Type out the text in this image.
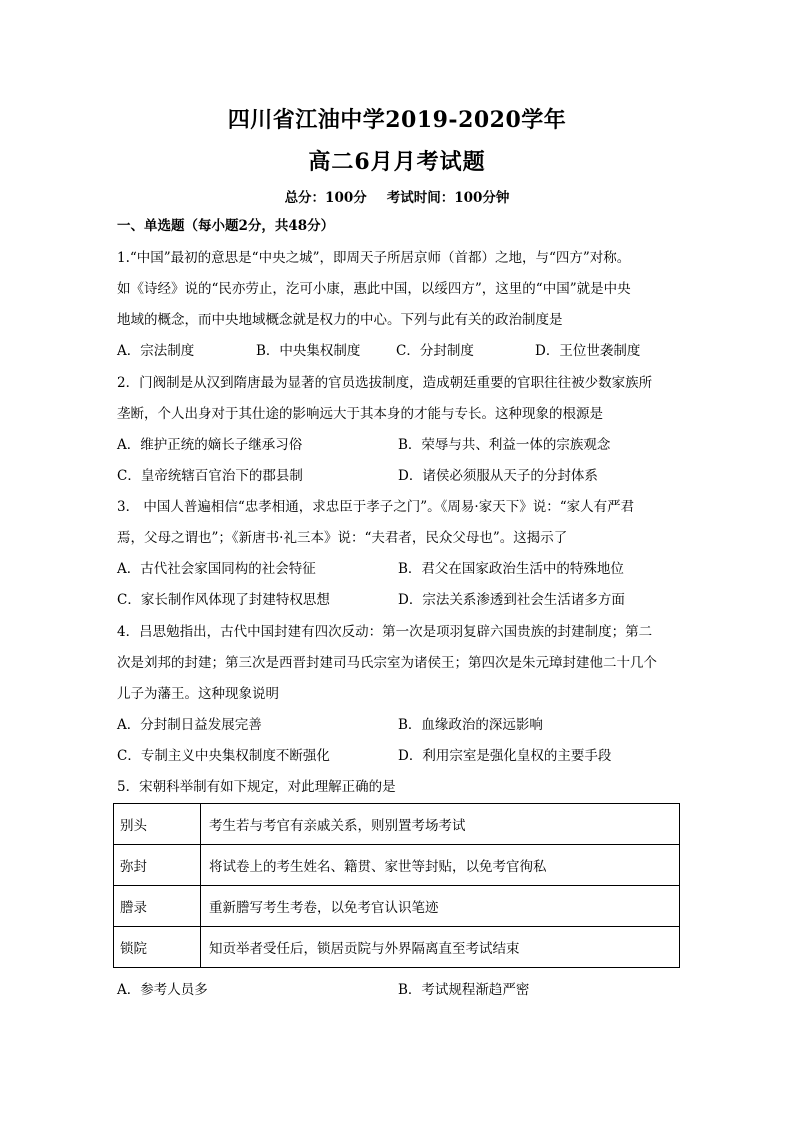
四川省江油中学2019-2020学年
高二6月月考试题
总分：100分 考试时间：100分钟
一、单选题（每小题2分，共48分）
1.“中国”最初的意思是“中央之城”，即周天子所居京师（首都）之地，与“四方”对称。
如《诗经》说的“民亦劳止，汔可小康，惠此中国，以绥四方”，这里的“中国”就是中央
地域的概念，而中央地域概念就是权力的中心。下列与此有关的政治制度是
A．宗法制度	B．中央集权制度	C．分封制度	D．王位世袭制度
2．门阀制是从汉到隋唐最为显著的官员选拔制度，造成朝廷重要的官职往往被少数家族所
垄断，个人出身对于其仕途的影响远大于其本身的才能与专长。这种现象的根源是
A．维护正统的嫡长子继承习俗	B．荣辱与共、利益一体的宗族观念
C．皇帝统辖百官治下的郡县制	D．诸侯必须服从天子的分封体系
3． 中国人普遍相信“忠孝相通，求忠臣于孝子之门”。《周易·家天下》说：“家人有严君
焉，父母之谓也”；《新唐书·礼三本》说：“夫君者，民众父母也”。这揭示了
A．古代社会家国同构的社会特征	B．君父在国家政治生活中的特殊地位
C．家长制作风体现了封建特权思想	D．宗法关系渗透到社会生活诸多方面
4．吕思勉指出，古代中国封建有四次反动：第一次是项羽复辟六国贵族的封建制度；第二
次是刘邦的封建；第三次是西晋封建司马氏宗室为诸侯王；第四次是朱元璋封建他二十几个
儿子为藩王。这种现象说明
A．分封制日益发展完善	B．血缘政治的深远影响
C．专制主义中央集权制度不断强化	D．利用宗室是强化皇权的主要手段
5．宋朝科举制有如下规定，对此理解正确的是
别头	考生若与考官有亲戚关系，则别置考场考试
弥封	将试卷上的考生姓名、籍贯、家世等封贴，以免考官徇私
謄录	重新謄写考生考卷，以免考官认识笔迹
锁院	知贡举者受任后，锁居贡院与外界隔离直至考试结束
A．参考人员多	B．考试规程渐趋严密
